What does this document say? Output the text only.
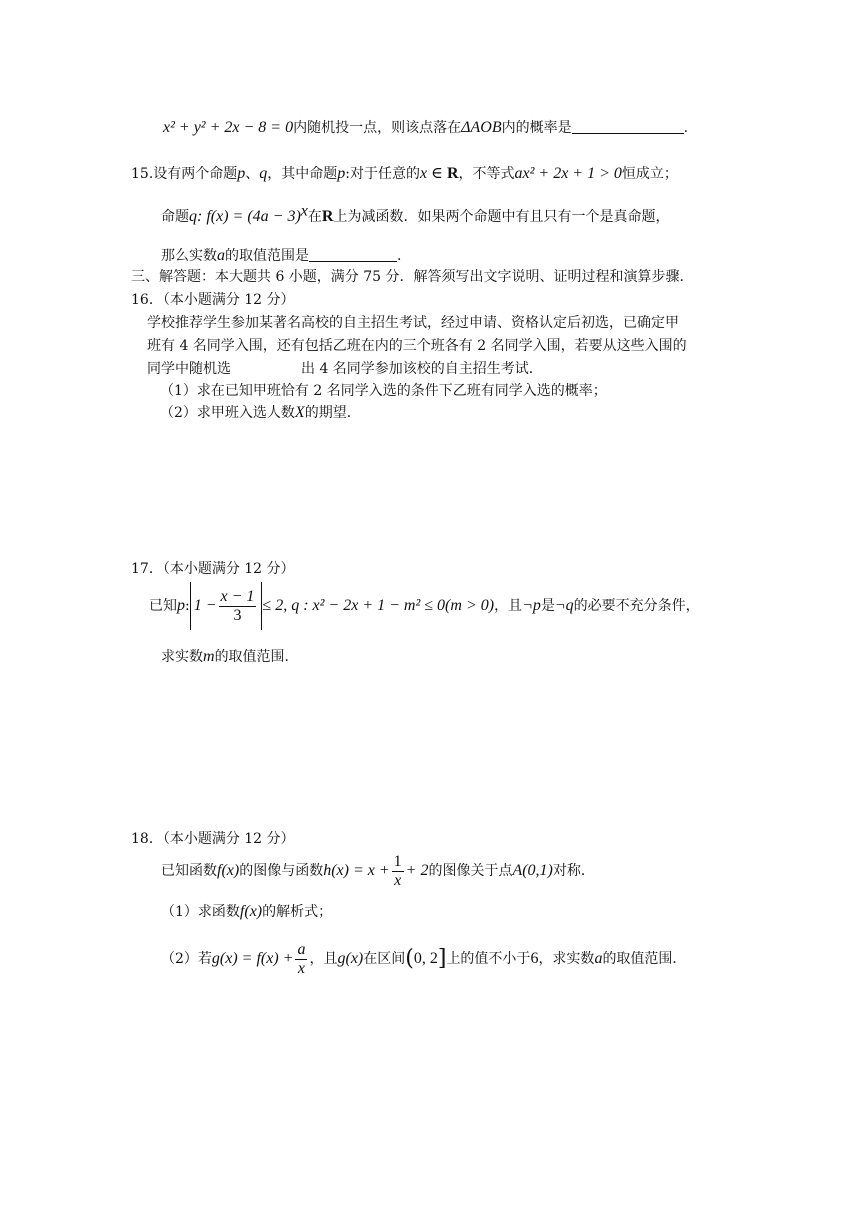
x² + y² + 2x − 8 = 0内随机投一点，则该点落在ΔAOB内的概率是	.
15.设有两个命题p、q，其中命题p:对于任意的x ∈ R，不等式ax² + 2x + 1 > 0恒成立；
命题q: $f(x) = (4a - 3)^x$在R上为减函数．如果两个命题中有且只有一个是真命题，
那么实数a的取值范围是	.
三、解答题：本大题共 6 小题，满分 75 分．解答须写出文字说明、证明过程和演算步骤．
16．（本小题满分 12 分）
学校推荐学生参加某著名高校的自主招生考试，经过申请、资格认定后初选，已确定甲
班有 4 名同学入围，还有包括乙班在内的三个班各有 2 名同学入围，若要从这些入围的
同学中随机选	出 4 名同学参加该校的自主招生考试．
（1）求在已知甲班恰有 2 名同学入选的条件下乙班有同学入选的概率；
（2）求甲班入选人数X的期望．
17．（本小题满分 12 分）
已知p: $1 - \frac{x - 1}{3} \le 2$, q : x² − 2x + 1 − m² ≤ 0(m > 0)，且¬p是¬q的必要不充分条件，
求实数m的取值范围．
18．（本小题满分 12 分）
已知函数f(x)的图像与函数$h(x) = x + \frac{1}{x} + 2$的图像关于点A(0,1)对称．
（1）求函数f(x)的解析式；
（2）若$g(x) = f(x) + \frac{a}{x}$ ，且g(x)在区间(0, 2]上的值不小于6，求实数a的取值范围．
